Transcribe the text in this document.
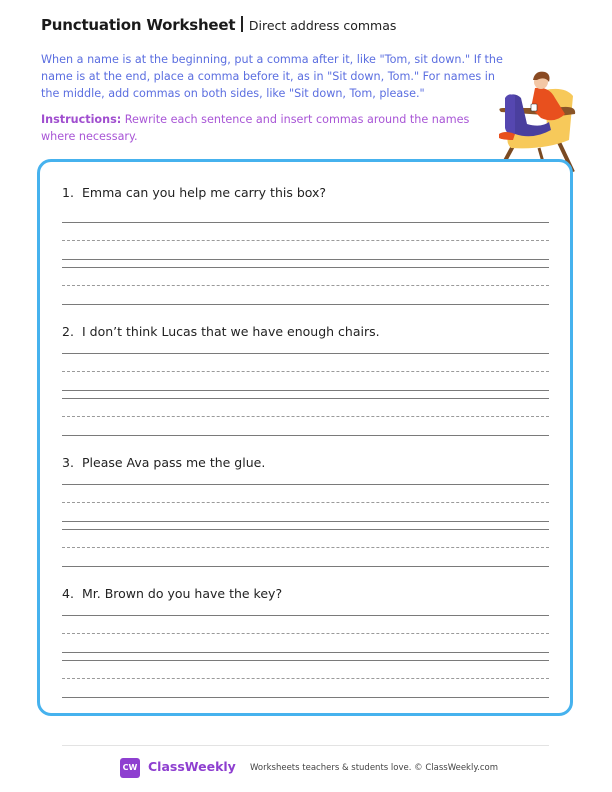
Punctuation Worksheet Direct address commas
When a name is at the beginning, put a comma after it, like "Tom, sit down." If the name is at the end, place a comma before it, as in "Sit down, Tom." For names in the middle, add commas on both sides, like "Sit down, Tom, please."
Instructions: Rewrite each sentence and insert commas around the names where necessary.
1. Emma can you help me carry this box?
2. I don’t think Lucas that we have enough chairs.
3. Please Ava pass me the glue.
4. Mr. Brown do you have the key?
CW ClassWeekly Worksheets teachers & students love. © ClassWeekly.com
